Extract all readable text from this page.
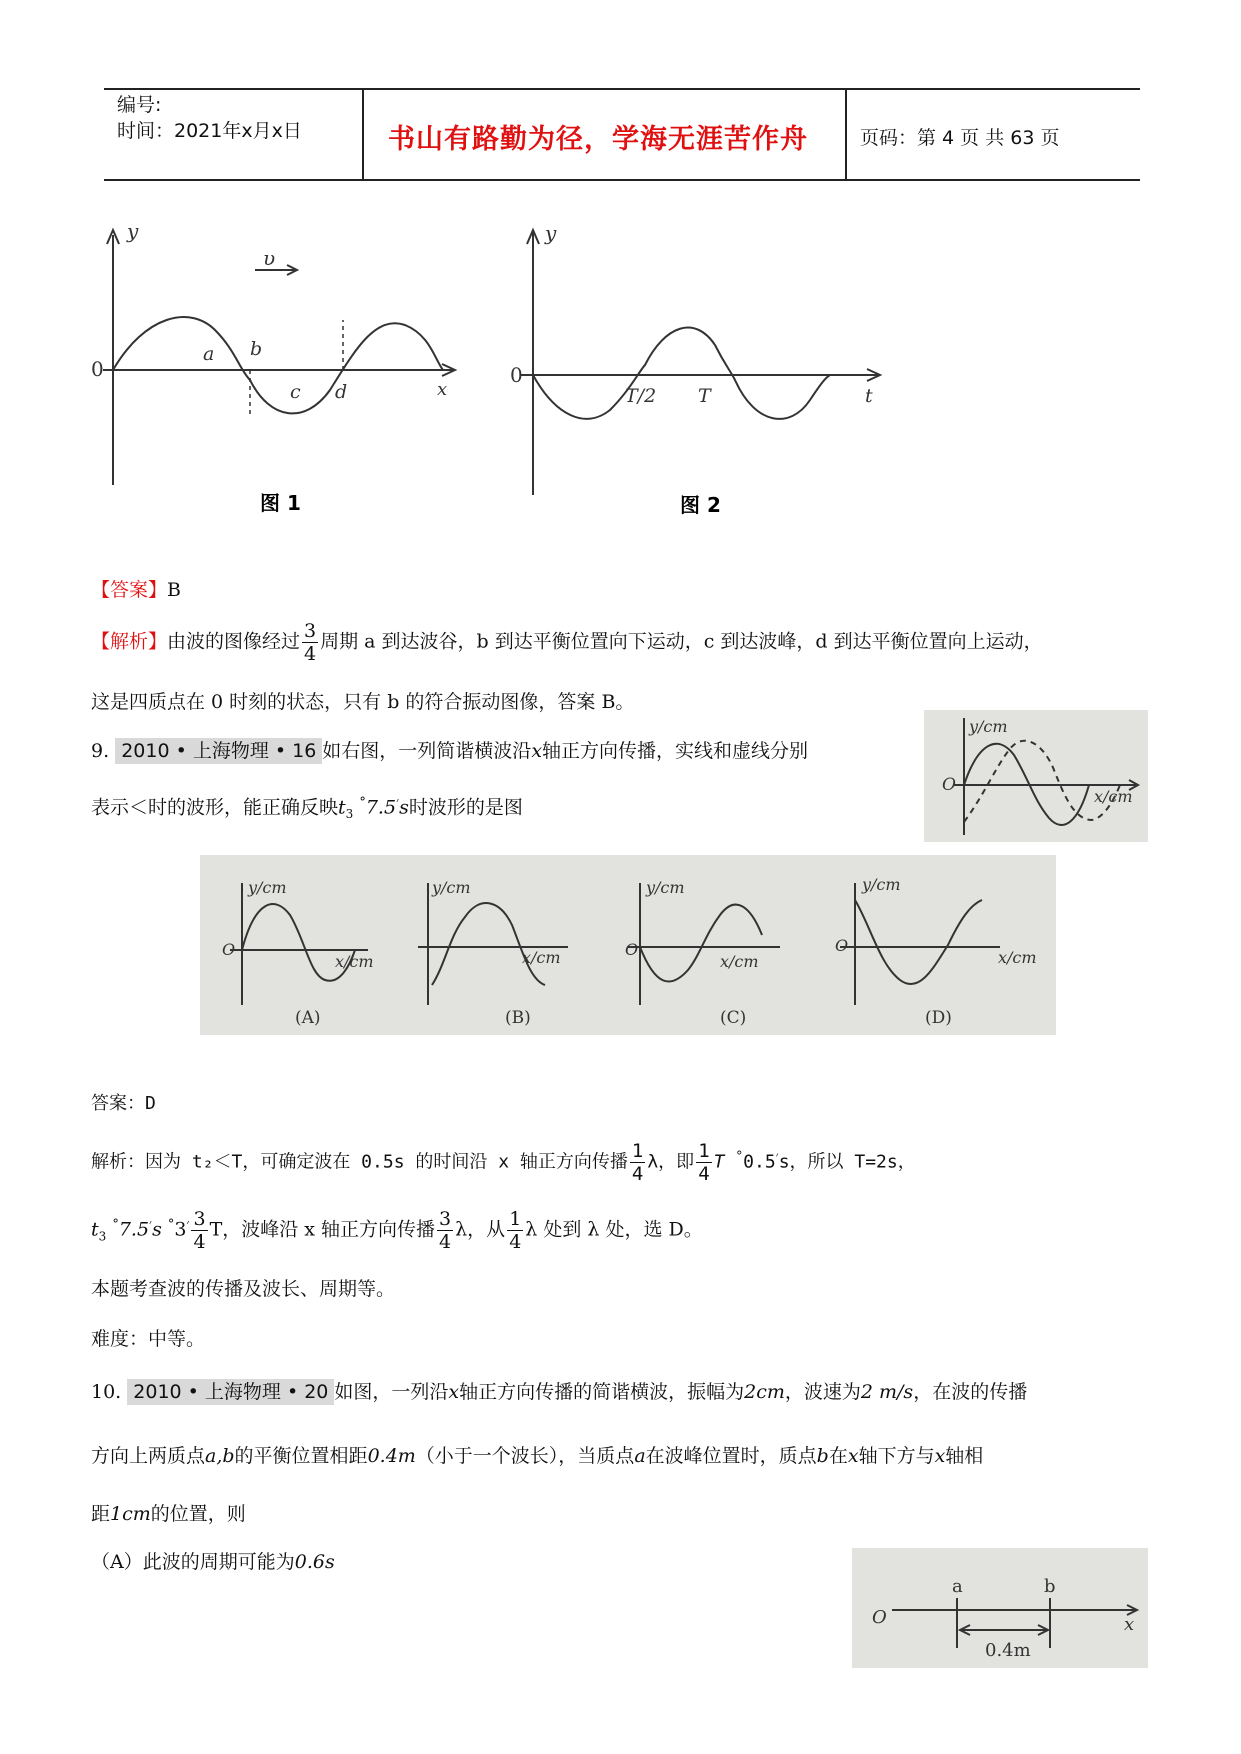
编号:
时间：2021年x月x日	书山有路勤为径，学海无涯苦作舟	页码：第 4 页 共 63 页
y
0
x
υ
a b
c d
图 1
y
0
t
T/2 T
图 2
【答案】B
【解析】由波的图像经过 $\frac{3}{4}$ 周期 a 到达波谷，b 到达平衡位置向下运动，c 到达波峰，d 到达平衡位置向上运动，
这是四质点在 0 时刻的状态，只有 b 的符合振动图像，答案 B。
9. 2010 • 上海物理 • 16 如右图，一列简谐横波沿x轴正方向传播，实线和虚线分别
表示＜时的波形，能正确反映$t_3$ ׳°7.5s时波形的是图
y/cm
O
x/cm
y/cm
O
x/cm
y/cm
x/cm
y/cm
O
x/cm
y/cm
O
x/cm
(A)	(B)	(C)	(D)
答案：D
解析：因为 t₂＜T，可确定波在 0.5s 的时间沿 x 轴正方向传播 $\frac{1}{4}$ λ，即 $\frac{1}{4}$ T ׳°0.5s，所以 T=2s，
$t_3$ ׳°7.5s $^{׳^\circ}3 \frac{3}{4}$ T，波峰沿 x 轴正方向传播 $\frac{3}{4}$ λ，从 $\frac{1}{4}$ λ 处到 λ 处，选 D。
本题考查波的传播及波长、周期等。
难度：中等。
10. 2010 • 上海物理 • 20 如图，一列沿x轴正方向传播的简谐横波，振幅为2cm，波速为2 m/s，在波的传播
方向上两质点a,b的平衡位置相距0.4m（小于一个波长），当质点a在波峰位置时，质点b在x轴下方与x轴相
距1cm的位置，则
（A）此波的周期可能为0.6s
O
a	b
x
0.4m
